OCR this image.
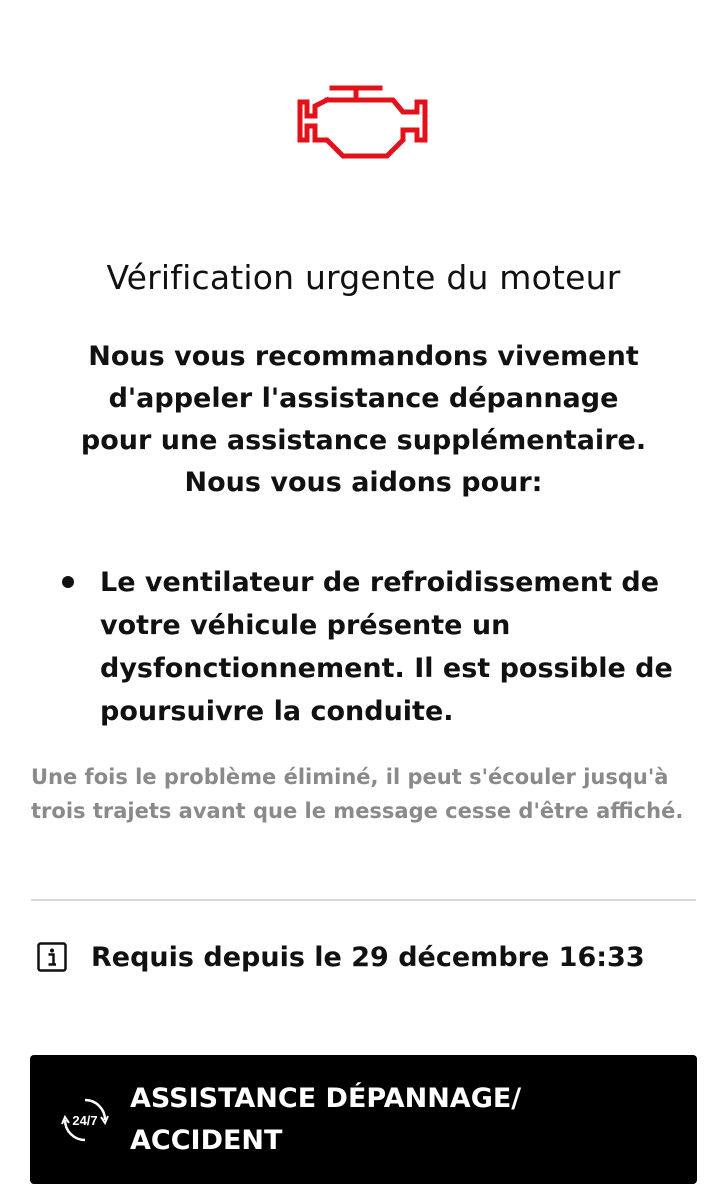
Vérification urgente du moteur

Nous vous recommandons vivement d'appeler l'assistance dépannage pour une assistance supplémentaire. Nous vous aidons pour:

Le ventilateur de refroidissement de votre véhicule présente un dysfonctionnement. Il est possible de poursuivre la conduite.

Une fois le problème éliminé, il peut s'écouler jusqu'à trois trajets avant que le message cesse d'être affiché.

Requis depuis le 29 décembre 16:33
24/7
ASSISTANCE DÉPANNAGE/ ACCIDENT
